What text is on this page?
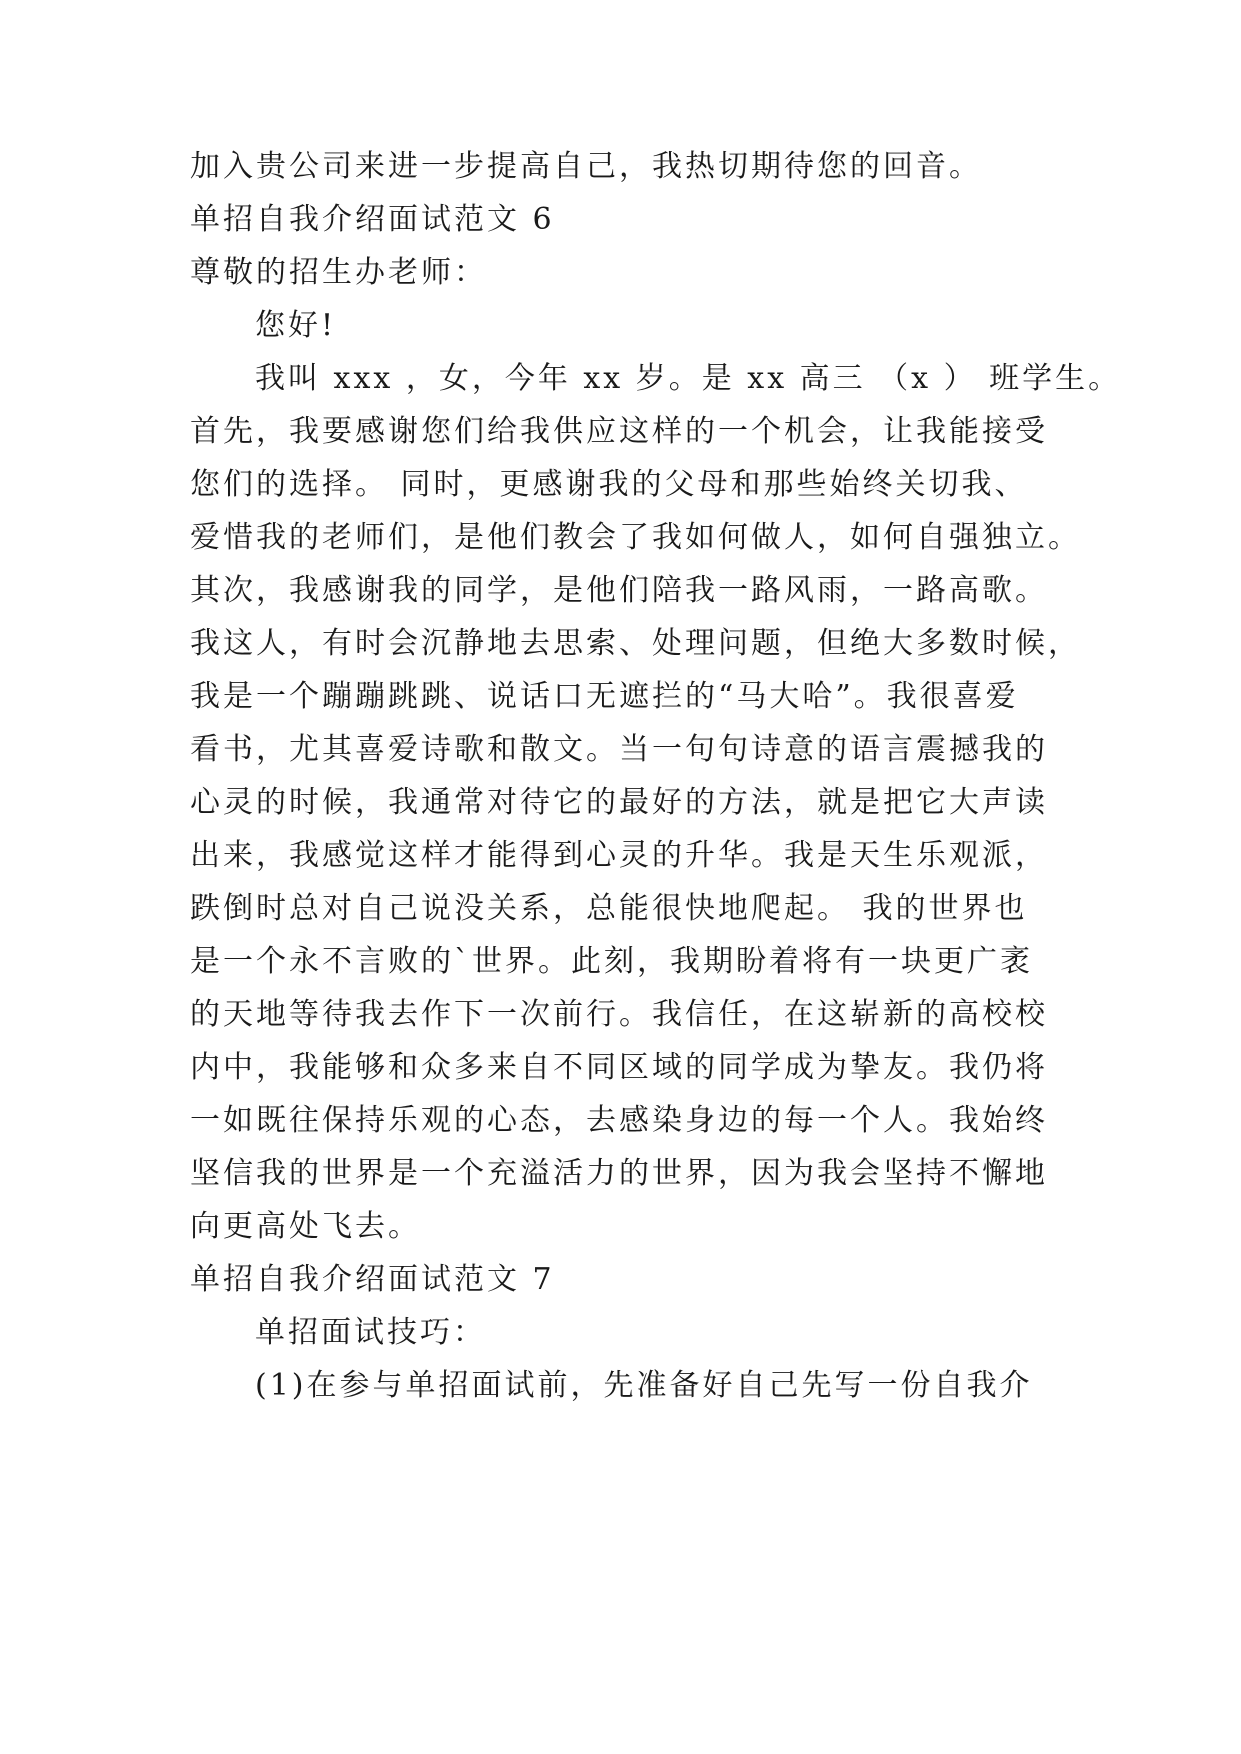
加入贵公司来进一步提高自己，我热切期待您的回音。
单招自我介绍面试范文 6
尊敬的招生办老师：
您好!
我叫 xxx ，女，今年 xx 岁。是 xx 高三 （x ） 班学生。
首先，我要感谢您们给我供应这样的一个机会，让我能接受
您们的选择。 同时，更感谢我的父母和那些始终关切我、
爱惜我的老师们，是他们教会了我如何做人，如何自强独立。
其次，我感谢我的同学，是他们陪我一路风雨，一路高歌。
我这人，有时会沉静地去思索、处理问题，但绝大多数时候，
我是一个蹦蹦跳跳、说话口无遮拦的“马大哈”。我很喜爱
看书，尤其喜爱诗歌和散文。当一句句诗意的语言震撼我的
心灵的时候，我通常对待它的最好的方法，就是把它大声读
出来，我感觉这样才能得到心灵的升华。我是天生乐观派，
跌倒时总对自己说没关系，总能很快地爬起。 我的世界也
是一个永不言败的`世界。此刻，我期盼着将有一块更广袤
的天地等待我去作下一次前行。我信任，在这崭新的高校校
内中，我能够和众多来自不同区域的同学成为挚友。我仍将
一如既往保持乐观的心态，去感染身边的每一个人。我始终
坚信我的世界是一个充溢活力的世界，因为我会坚持不懈地
向更高处飞去。
单招自我介绍面试范文 7
单招面试技巧：
(1)在参与单招面试前，先准备好自己先写一份自我介
